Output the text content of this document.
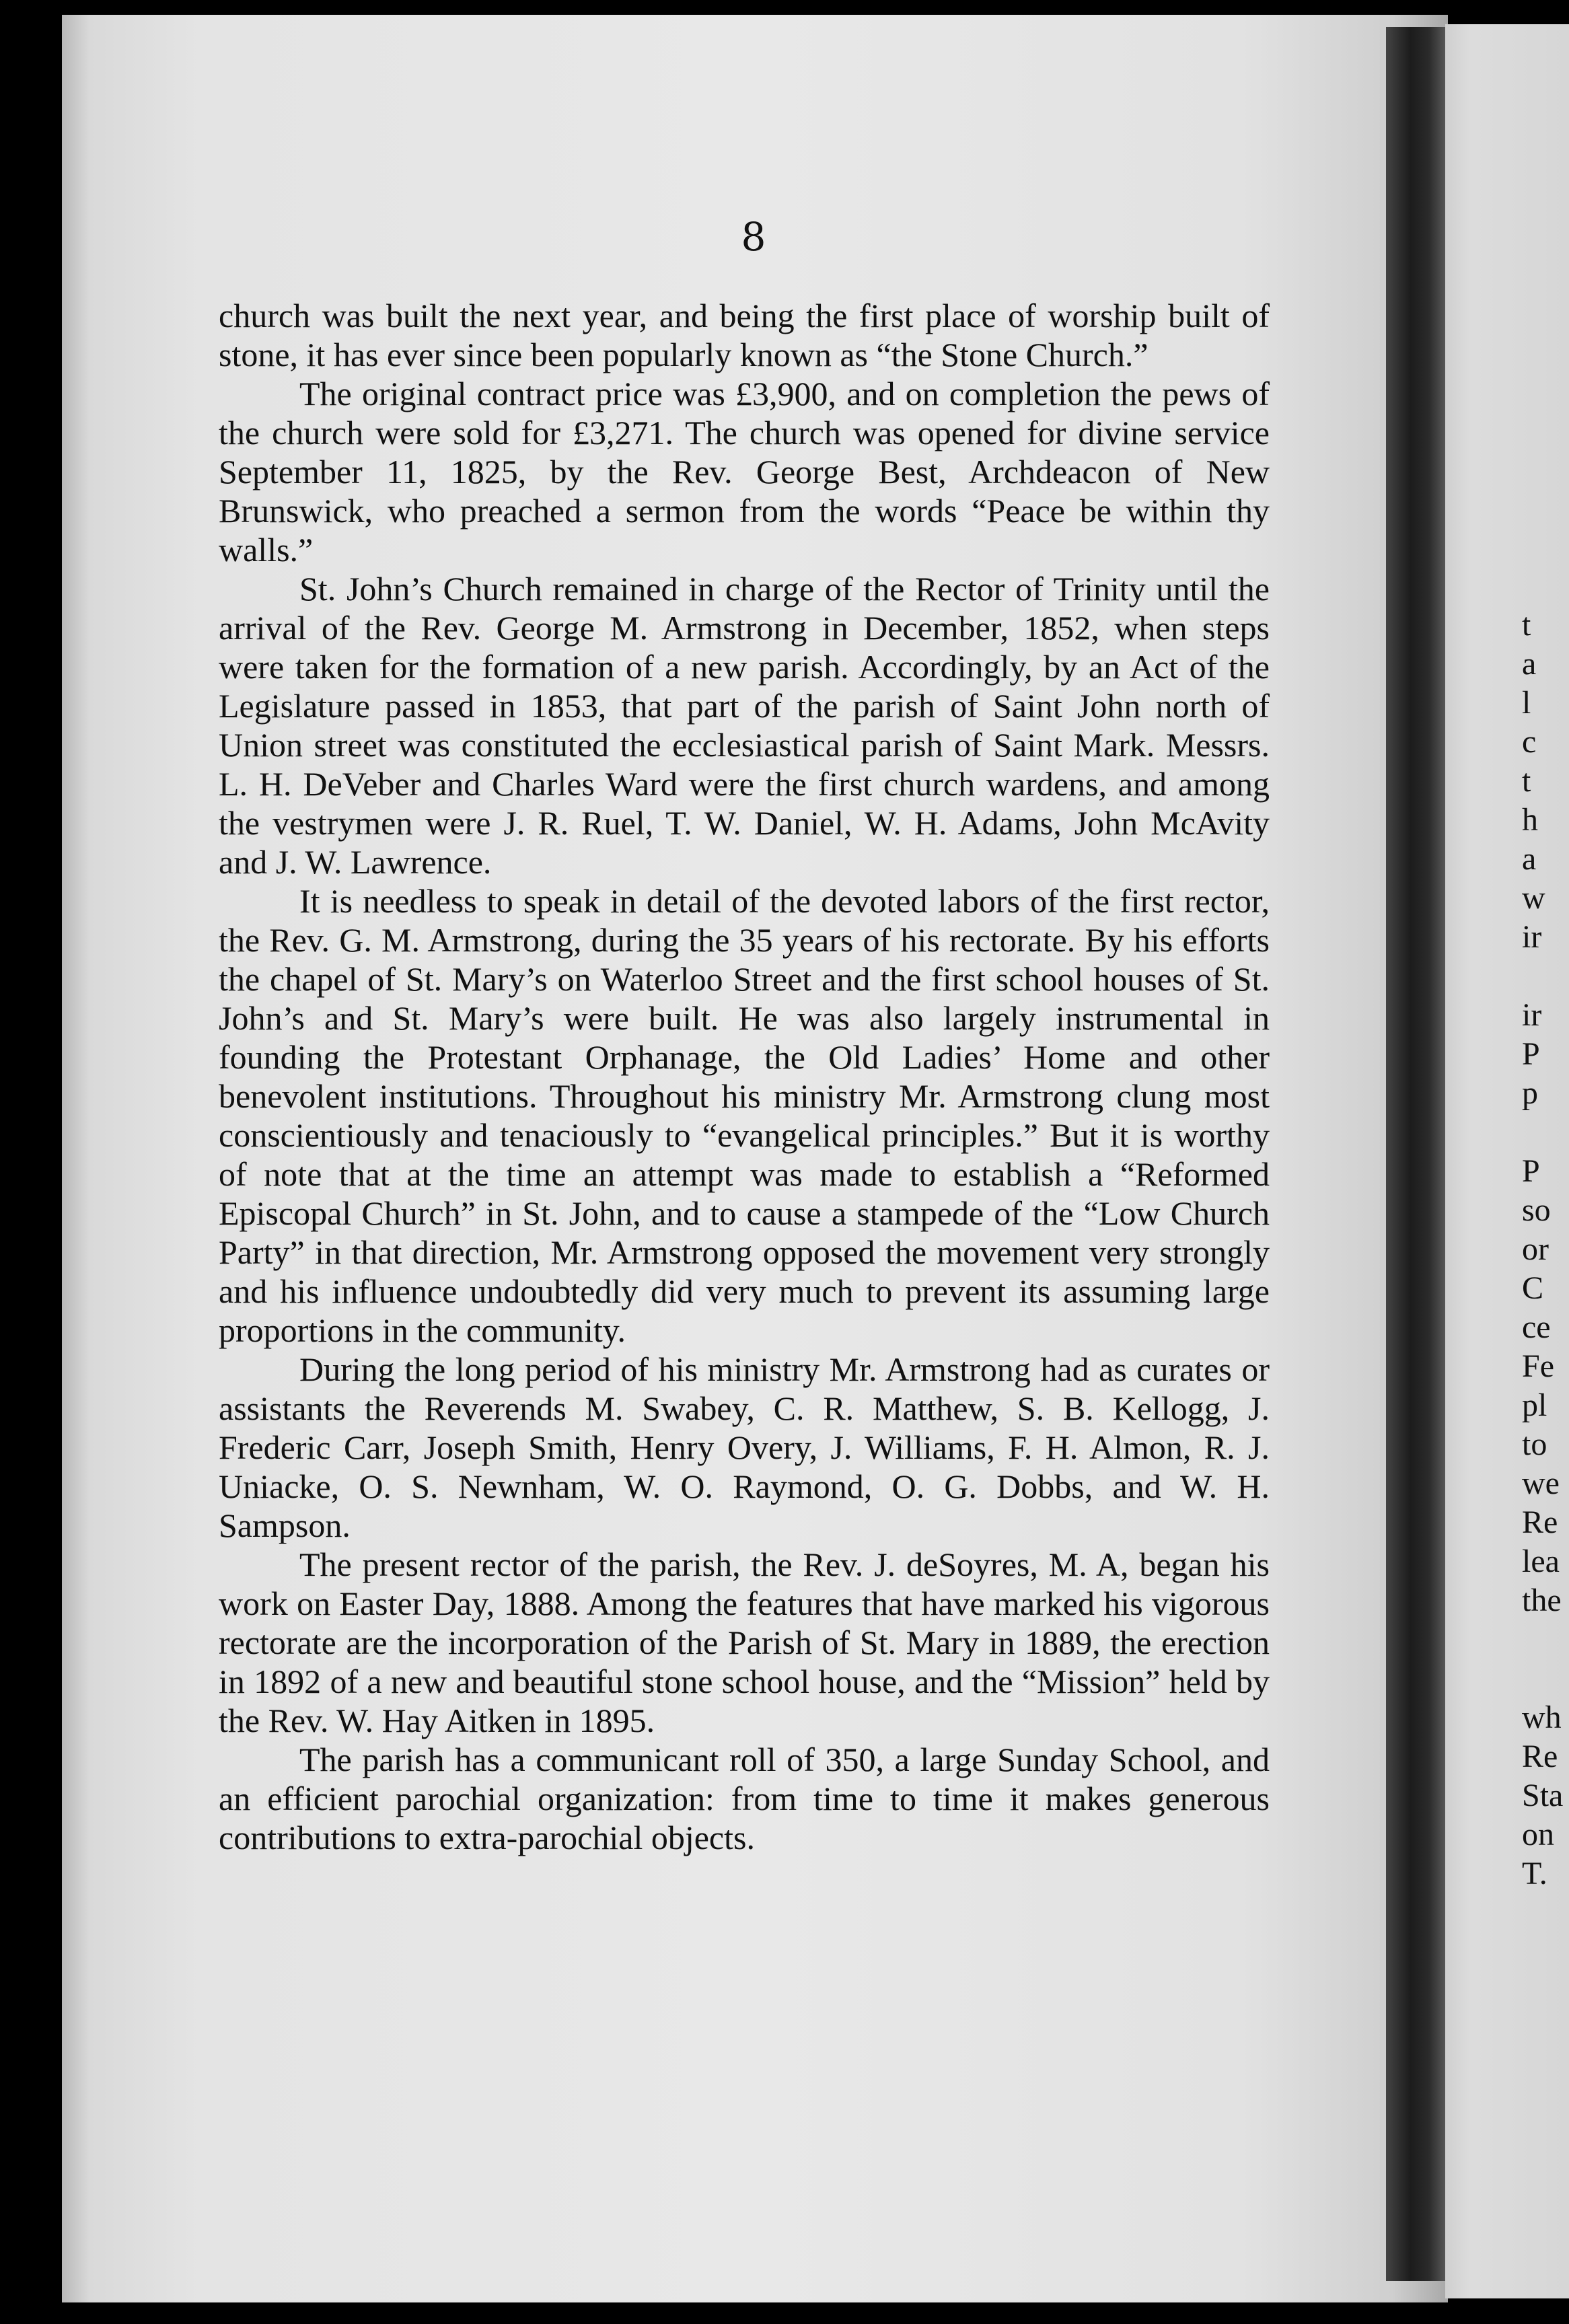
8

church was built the next year, and being the first place of worship built of stone, it has ever since been popularly known as “the Stone Church.”

The original contract price was £3,900, and on completion the pews of the church were sold for £3,271. The church was opened for divine service September 11, 1825, by the Rev. George Best, Archdeacon of New Brunswick, who preached a sermon from the words “Peace be within thy walls.”

St. John’s Church remained in charge of the Rector of Trinity until the arrival of the Rev. George M. Armstrong in December, 1852, when steps were taken for the formation of a new parish. Accordingly, by an Act of the Legislature passed in 1853, that part of the parish of Saint John north of Union street was constituted the ecclesiastical parish of Saint Mark. Messrs. L. H. DeVeber and Charles Ward were the first church wardens, and among the vestrymen were J. R. Ruel, T. W. Daniel, W. H. Adams, John McAvity and J. W. Lawrence.

It is needless to speak in detail of the devoted labors of the first rector, the Rev. G. M. Armstrong, during the 35 years of his rectorate. By his efforts the chapel of St. Mary’s on Waterloo Street and the first school houses of St. John’s and St. Mary’s were built. He was also largely instrumental in founding the Protestant Orphanage, the Old Ladies’ Home and other benevolent institutions. Throughout his ministry Mr. Armstrong clung most conscientiously and tenaciously to “evangelical principles.” But it is worthy of note that at the time an attempt was made to establish a “Reformed Episcopal Church” in St. John, and to cause a stampede of the “Low Church Party” in that direction, Mr. Armstrong opposed the movement very strongly and his influence undoubtedly did very much to prevent its assuming large proportions in the community.

During the long period of his ministry Mr. Armstrong had as curates or assistants the Reverends M. Swabey, C. R. Matthew, S. B. Kellogg, J. Frederic Carr, Joseph Smith, Henry Overy, J. Williams, F. H. Almon, R. J. Uniacke, O. S. Newnham, W. O. Raymond, O. G. Dobbs, and W. H. Sampson.

The present rector of the parish, the Rev. J. deSoyres, M. A, began his work on Easter Day, 1888. Among the features that have marked his vigorous rectorate are the incorporation of the Parish of St. Mary in 1889, the erection in 1892 of a new and beautiful stone school house, and the “Mission” held by the Rev. W. Hay Aitken in 1895.

The parish has a communicant roll of 350, a large Sunday School, and an efficient parochial organization: from time to time it makes generous contributions to extra-parochial objects.

t
a
l
c
t
h
a
w
ir
ir
P
p
P
so
or
C
ce
Fe
pl
to
we
Re
lea
the
wh
Re
Sta
on
T.
